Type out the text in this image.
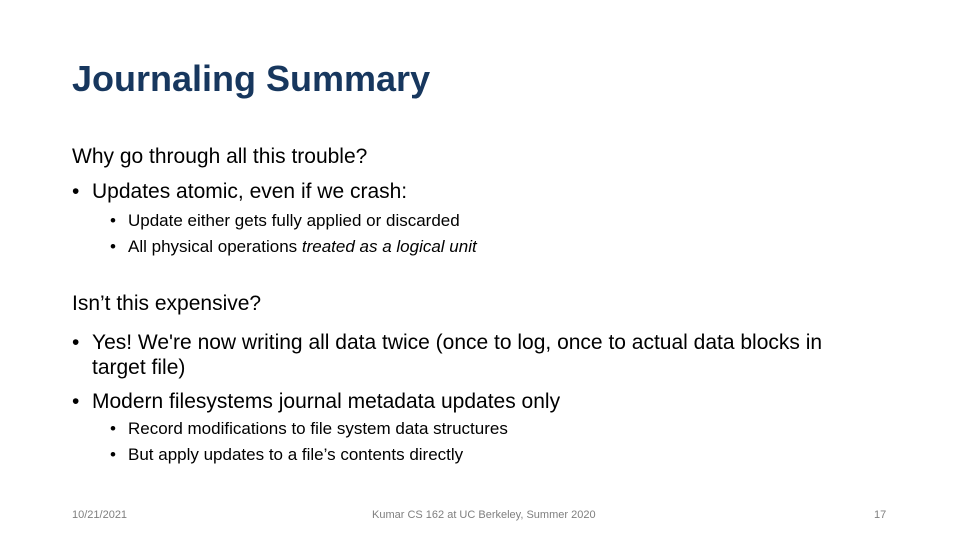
Journaling Summary
Why go through all this trouble?
• Updates atomic, even if we crash:
• Update either gets fully applied or discarded
• All physical operations treated as a logical unit
Isn’t this expensive?
• Yes! We're now writing all data twice (once to log, once to actual data blocks in target file)
• Modern filesystems journal metadata updates only
• Record modifications to file system data structures
• But apply updates to a file’s contents directly
10/21/2021	Kumar CS 162 at UC Berkeley, Summer 2020	17
